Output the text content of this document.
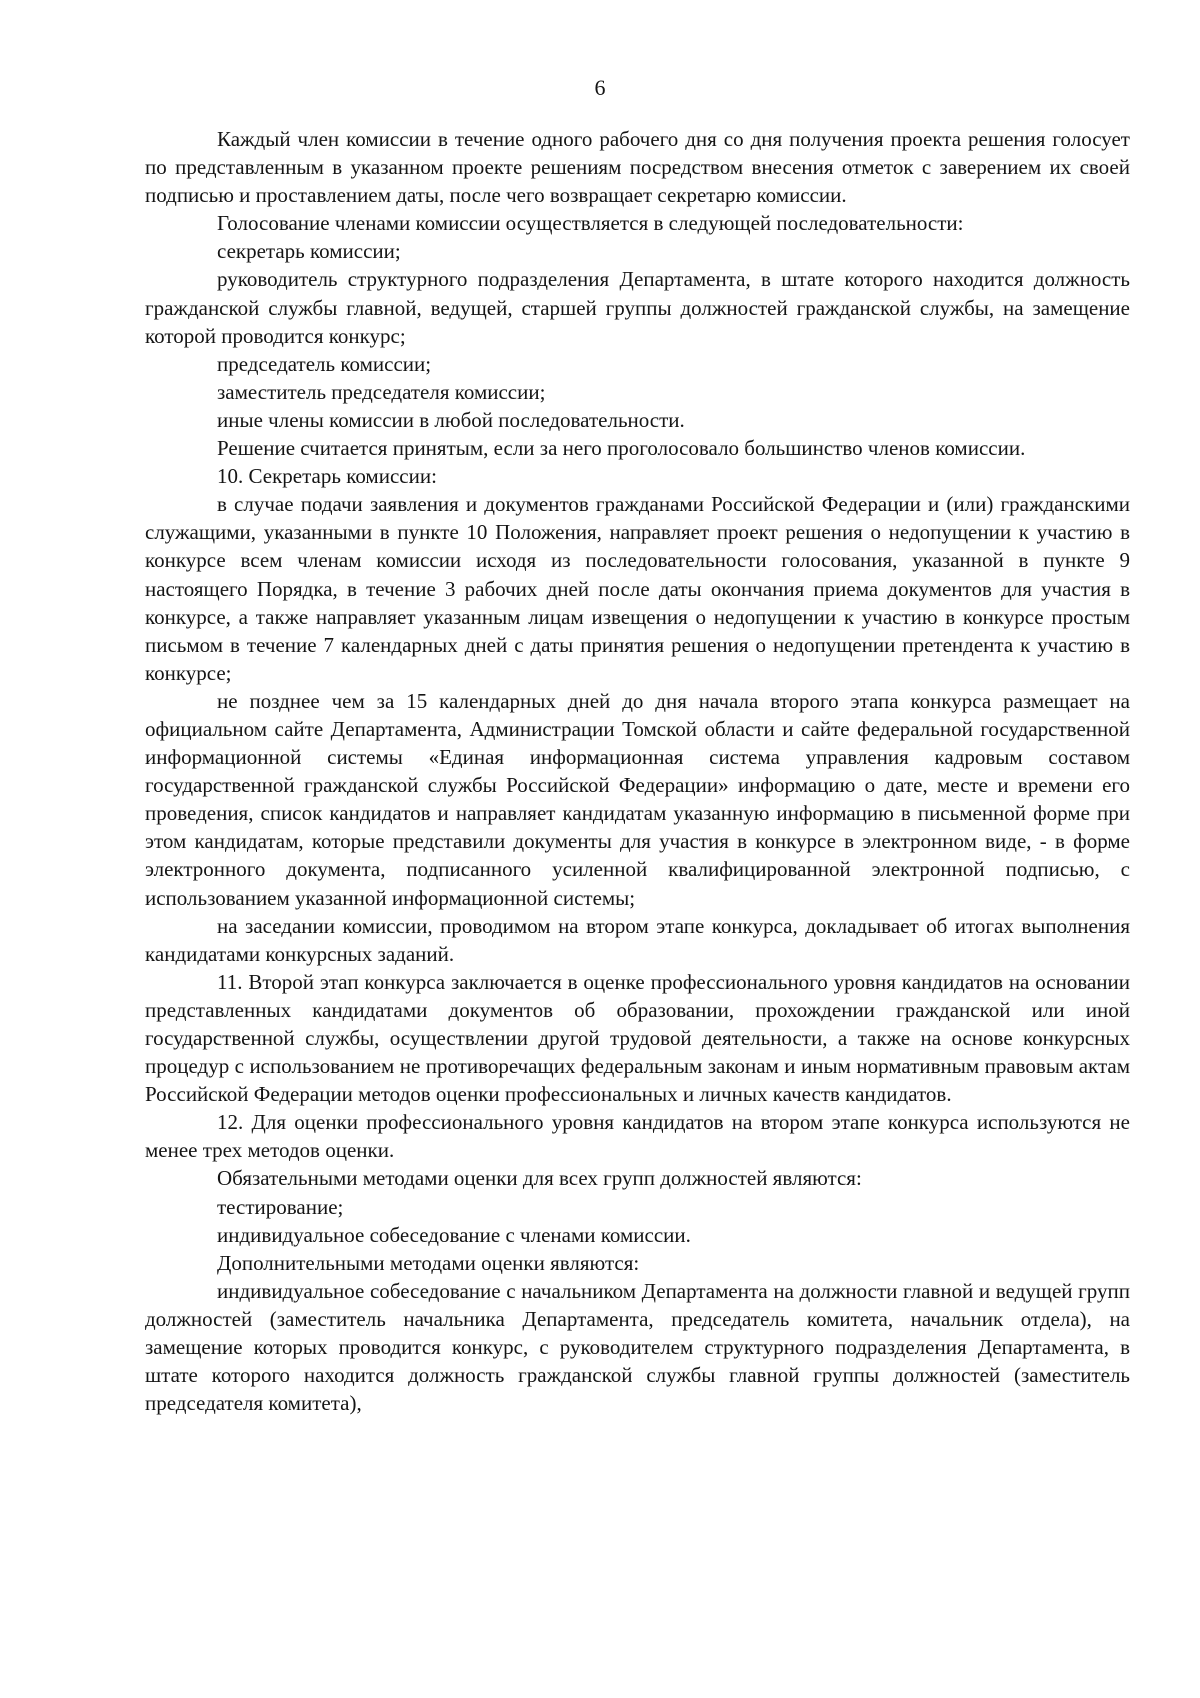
6

Каждый член комиссии в течение одного рабочего дня со дня получения проекта решения голосует по представленным в указанном проекте решениям посредством внесения отметок с заверением их своей подписью и проставлением даты, после чего возвращает секретарю комиссии.

Голосование членами комиссии осуществляется в следующей последовательности:

секретарь комиссии;

руководитель структурного подразделения Департамента, в штате которого находится должность гражданской службы главной, ведущей, старшей группы должностей гражданской службы, на замещение которой проводится конкурс;

председатель комиссии;

заместитель председателя комиссии;

иные члены комиссии в любой последовательности.

Решение считается принятым, если за него проголосовало большинство членов комиссии.

10. Секретарь комиссии:

в случае подачи заявления и документов гражданами Российской Федерации и (или) гражданскими служащими, указанными в пункте 10 Положения, направляет проект решения о недопущении к участию в конкурсе всем членам комиссии исходя из последовательности голосования, указанной в пункте 9 настоящего Порядка, в течение 3 рабочих дней после даты окончания приема документов для участия в конкурсе, а также направляет указанным лицам извещения о недопущении к участию в конкурсе простым письмом в течение 7 календарных дней с даты принятия решения о недопущении претендента к участию в конкурсе;

не позднее чем за 15 календарных дней до дня начала второго этапа конкурса размещает на официальном сайте Департамента, Администрации Томской области и сайте федеральной государственной информационной системы «Единая информационная система управления кадровым составом государственной гражданской службы Российской Федерации» информацию о дате, месте и времени его проведения, список кандидатов и направляет кандидатам указанную информацию в письменной форме при этом кандидатам, которые представили документы для участия в конкурсе в электронном виде, - в форме электронного документа, подписанного усиленной квалифицированной электронной подписью, с использованием указанной информационной системы;

на заседании комиссии, проводимом на втором этапе конкурса, докладывает об итогах выполнения кандидатами конкурсных заданий.

11. Второй этап конкурса заключается в оценке профессионального уровня кандидатов на основании представленных кандидатами документов об образовании, прохождении гражданской или иной государственной службы, осуществлении другой трудовой деятельности, а также на основе конкурсных процедур с использованием не противоречащих федеральным законам и иным нормативным правовым актам Российской Федерации методов оценки профессиональных и личных качеств кандидатов.

12. Для оценки профессионального уровня кандидатов на втором этапе конкурса используются не менее трех методов оценки.

Обязательными методами оценки для всех групп должностей являются:

тестирование;

индивидуальное собеседование с членами комиссии.

Дополнительными методами оценки являются:

индивидуальное собеседование с начальником Департамента на должности главной и ведущей групп должностей (заместитель начальника Департамента, председатель комитета, начальник отдела), на замещение которых проводится конкурс, с руководителем структурного подразделения Департамента, в штате которого находится должность гражданской службы главной группы должностей (заместитель председателя комитета),
